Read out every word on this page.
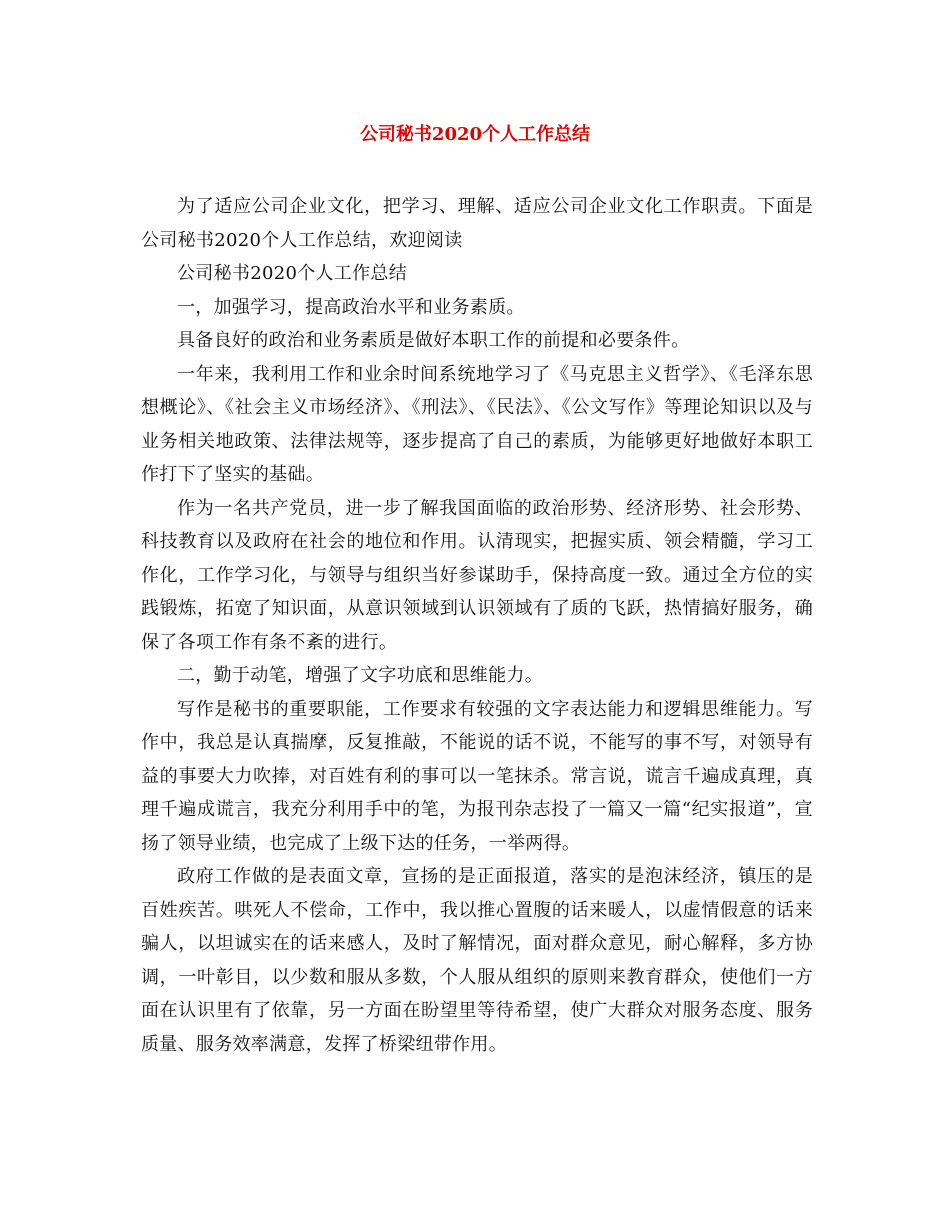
公司秘书2020个人工作总结

为了适应公司企业文化，把学习、理解、适应公司企业文化工作职责。下面是公司秘书2020个人工作总结，欢迎阅读

公司秘书2020个人工作总结

一，加强学习，提高政治水平和业务素质。

具备良好的政治和业务素质是做好本职工作的前提和必要条件。

一年来，我利用工作和业余时间系统地学习了《马克思主义哲学》、《毛泽东思想概论》、《社会主义市场经济》、《刑法》、《民法》、《公文写作》等理论知识以及与业务相关地政策、法律法规等，逐步提高了自己的素质，为能够更好地做好本职工作打下了坚实的基础。

作为一名共产党员，进一步了解我国面临的政治形势、经济形势、社会形势、科技教育以及政府在社会的地位和作用。认清现实，把握实质、领会精髓，学习工作化，工作学习化，与领导与组织当好参谋助手，保持高度一致。通过全方位的实践锻炼，拓宽了知识面，从意识领域到认识领域有了质的飞跃，热情搞好服务，确保了各项工作有条不紊的进行。

二，勤于动笔，增强了文字功底和思维能力。

写作是秘书的重要职能，工作要求有较强的文字表达能力和逻辑思维能力。写作中，我总是认真揣摩，反复推敲，不能说的话不说，不能写的事不写，对领导有益的事要大力吹捧，对百姓有利的事可以一笔抹杀。常言说，谎言千遍成真理，真理千遍成谎言，我充分利用手中的笔，为报刊杂志投了一篇又一篇“纪实报道”，宣扬了领导业绩，也完成了上级下达的任务，一举两得。

政府工作做的是表面文章，宣扬的是正面报道，落实的是泡沫经济，镇压的是百姓疾苦。哄死人不偿命，工作中，我以推心置腹的话来暖人，以虚情假意的话来骗人，以坦诚实在的话来感人，及时了解情况，面对群众意见，耐心解释，多方协调，一叶彰目，以少数和服从多数，个人服从组织的原则来教育群众，使他们一方面在认识里有了依靠，另一方面在盼望里等待希望，使广大群众对服务态度、服务质量、服务效率满意，发挥了桥梁纽带作用。
